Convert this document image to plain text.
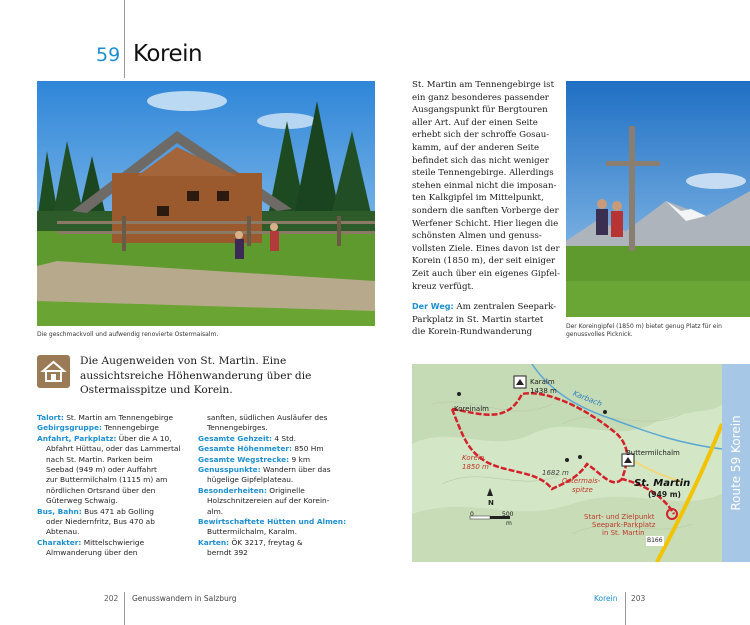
59 Korein
Die geschmackvoll und aufwendig renovierte Ostermaisalm.
Die Augenweiden von St. Martin. Eine aussichtsreiche Höhenwanderung über die Ostermaisspitze und Korein.
Talort: St. Martin am Tennengebirge
Gebirgsgruppe: Tennengebirge
Anfahrt, Parkplatz: Über die A 10,
Abfahrt Hüttau, oder das Lammertal
nach St. Martin. Parken beim
Seebad (949 m) oder Auffahrt
zur Buttermilchalm (1115 m) am
nördlichen Ortsrand über den
Güterweg Schwaig.
Bus, Bahn: Bus 471 ab Golling
oder Niedernfritz, Bus 470 ab
Abtenau.
Charakter: Mittelschwierige
Almwanderung über den
sanften, südlichen Ausläufer des
Tennengebirges.
Gesamte Gehzeit: 4 Std.
Gesamte Höhenmeter: 850 Hm
Gesamte Wegstrecke: 9 km
Genusspunkte: Wandern über das
hügelige Gipfelplateau.
Besonderheiten: Originelle
Holzschnitzereien auf der Korein-
alm.
Bewirtschaftete Hütten und Almen:
Buttermilchalm, Karalm.
Karten: ÖK 3217, freytag &
berndt 392
St. Martin am Tennengebirge ist
ein ganz besonderes passender
Ausgangspunkt für Bergtouren
aller Art. Auf der einen Seite
erhebt sich der schroffe Gosau-
kamm, auf der anderen Seite
befindet sich das nicht weniger
steile Tennengebirge. Allerdings
stehen einmal nicht die imposan-
ten Kalkgipfel im Mittelpunkt,
sondern die sanften Vorberge der
Werfener Schicht. Hier liegen die
schönsten Almen und genuss-
vollsten Ziele. Eines davon ist der
Korein (1850 m), der seit einiger
Zeit auch über ein eigenes Gipfel-
kreuz verfügt.
Der Weg: Am zentralen Seepark-
Parkplatz in St. Martin startet
die Korein-Rundwanderung
Der Koreingipfel (1850 m) bietet genug Platz für ein genussvolles Picknick.
Karalm
1438 m
Koreinalm
Karbach
Korein
1850 m
1682 m
Ostermais-
spitze
Buttermilchalm
St. Martin
(949 m)
Start- und Zielpunkt
Seepark-Parkplatz
in St. Martin
N
0	500
m
B166
Route 59 Korein
202 Genusswandern in Salzburg	Korein 203
